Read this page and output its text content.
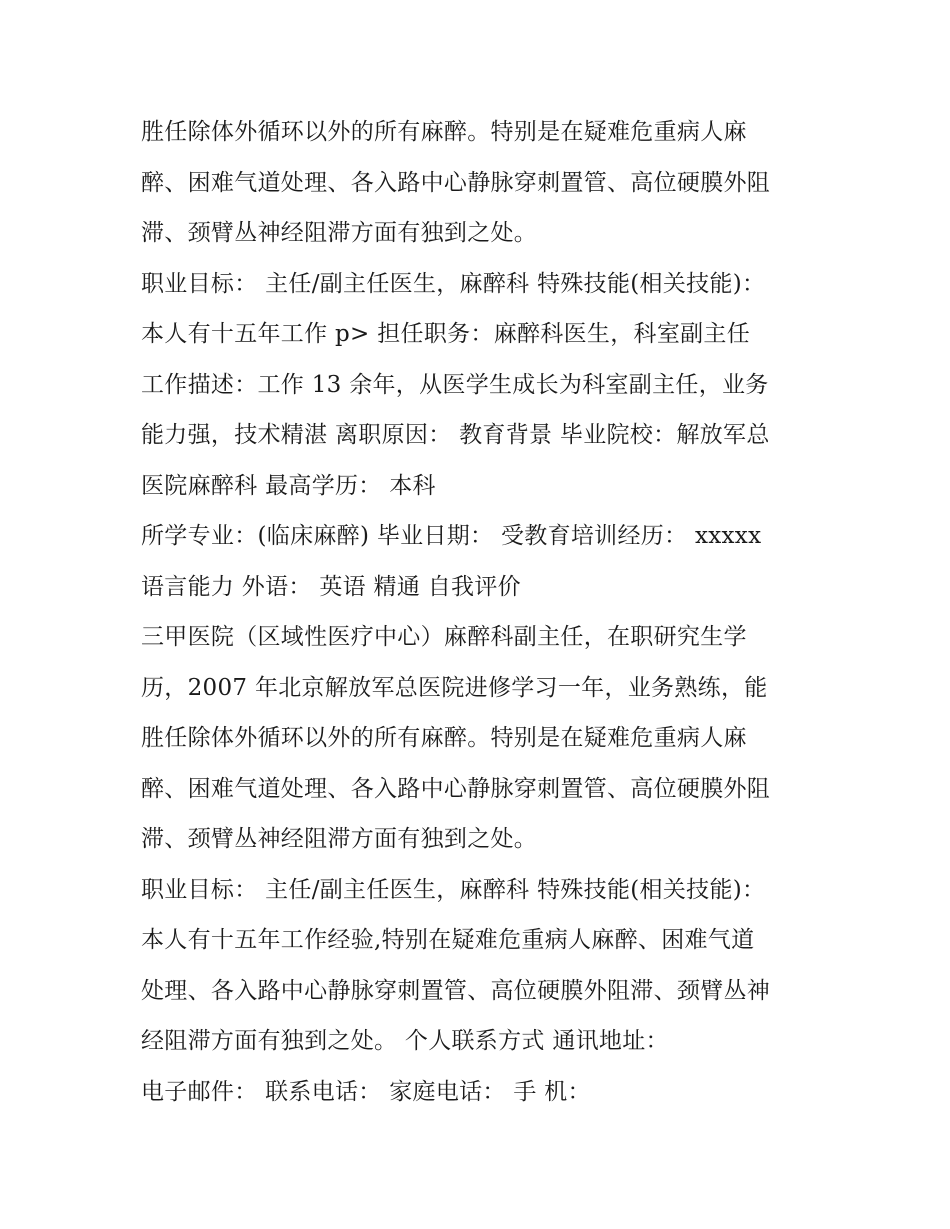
胜任除体外循环以外的所有麻醉。特别是在疑难危重病人麻
醉、困难气道处理、各入路中心静脉穿刺置管、高位硬膜外阻
滞、颈臂丛神经阻滞方面有独到之处。
职业目标： 主任/副主任医生，麻醉科 特殊技能(相关技能)：
本人有十五年工作 p> 担任职务：麻醉科医生，科室副主任
工作描述：工作 13 余年，从医学生成长为科室副主任，业务
能力强，技术精湛 离职原因： 教育背景 毕业院校：解放军总
医院麻醉科 最高学历： 本科
所学专业：(临床麻醉) 毕业日期： 受教育培训经历： xxxxx
语言能力 外语： 英语 精通 自我评价
三甲医院（区域性医疗中心）麻醉科副主任，在职研究生学
历，2007 年北京解放军总医院进修学习一年，业务熟练，能
胜任除体外循环以外的所有麻醉。特别是在疑难危重病人麻
醉、困难气道处理、各入路中心静脉穿刺置管、高位硬膜外阻
滞、颈臂丛神经阻滞方面有独到之处。
职业目标： 主任/副主任医生，麻醉科 特殊技能(相关技能)：
本人有十五年工作经验,特别在疑难危重病人麻醉、困难气道
处理、各入路中心静脉穿刺置管、高位硬膜外阻滞、颈臂丛神
经阻滞方面有独到之处。 个人联系方式 通讯地址：
电子邮件： 联系电话： 家庭电话： 手 机：
